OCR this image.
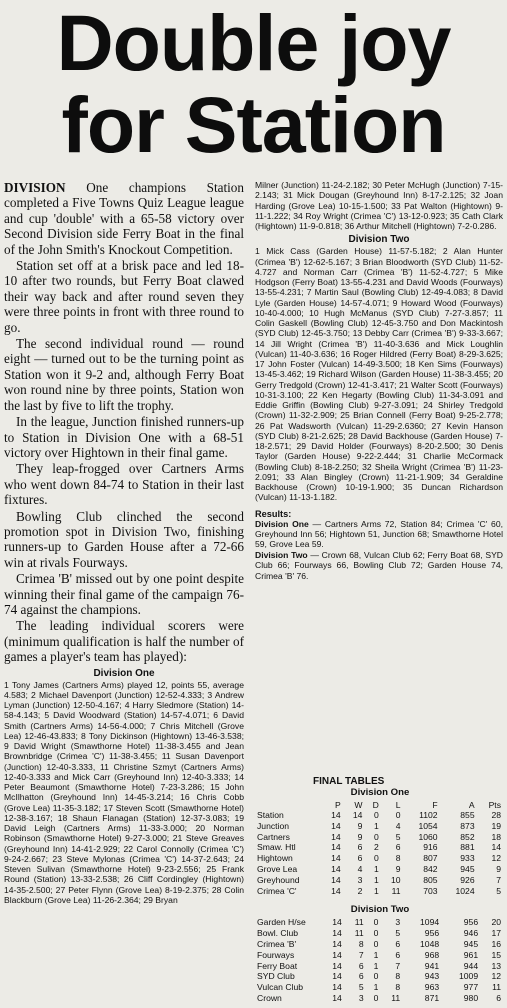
Double joy
for Station

DIVISION One champions Station completed a Five Towns Quiz League league and cup 'double' with a 65-58 victory over Second Division side Ferry Boat in the final of the John Smith's Knockout Competition.

Station set off at a brisk pace and led 18-10 after two rounds, but Ferry Boat clawed their way back and after round seven they were three points in front with three round to go.

The second individual round — round eight — turned out to be the turning point as Station won it 9-2 and, although Ferry Boat won round nine by three points, Station won the last by five to lift the trophy.

In the league, Junction finished runners-up to Station in Division One with a 68-51 victory over Hightown in their final game.

They leap-frogged over Cartners Arms who went down 84-74 to Station in their last fixtures.

Bowling Club clinched the second promotion spot in Division Two, finishing runners-up to Garden House after a 72-66 win at rivals Fourways.

Crimea 'B' missed out by one point despite winning their final game of the campaign 76-74 against the champions.

The leading individual scorers were (minimum qualification is half the number of games a player's team has played):

Division One

1 Tony James (Cartners Arms) played 12, points 55, average 4.583; 2 Michael Davenport (Junction) 12-52-4.333; 3 Andrew Lyman (Junction) 12-50-4.167; 4 Harry Sledmore (Station) 14-58-4.143; 5 David Woodward (Station) 14-57-4.071; 6 David Smith (Cartners Arms) 14-56-4.000; 7 Chris Mitchell (Grove Lea) 12-46-43.833; 8 Tony Dickinson (Hightown) 13-46-3.538; 9 David Wright (Smawthorne Hotel) 11-38-3.455 and Jean Brownbridge (Crimea 'C') 11-38-3.455; 11 Susan Davenport (Junction) 12-40-3.333, 11 Christine Szmyt (Cartners Arms) 12-40-3.333 and Mick Carr (Greyhound Inn) 12-40-3.333; 14 Peter Beaumont (Smawthorne Hotel) 7-23-3.286; 15 John McIlhatton (Greyhound Inn) 14-45-3.214; 16 Chris Cobb (Grove Lea) 11-35-3.182; 17 Steven Scott (Smawthorne Hotel) 12-38-3.167; 18 Shaun Flanagan (Station) 12-37-3.083; 19 David Leigh (Cartners Arms) 11-33-3.000; 20 Norman Robinson (Smawthorne Hotel) 9-27-3.000; 21 Steve Greaves (Greyhound Inn) 14-41-2.929; 22 Carol Connolly (Crimea 'C') 9-24-2.667; 23 Steve Mylonas (Crimea 'C') 14-37-2.643; 24 Steven Sulivan (Smawthorne Hotel) 9-23-2.556; 25 Frank Round (Station) 13-33-2.538; 26 Cliff Cordingley (Hightown) 14-35-2.500; 27 Peter Flynn (Grove Lea) 8-19-2.375; 28 Colin Blackburn (Grove Lea) 11-26-2.364; 29 Bryan

Milner (Junction) 11-24-2.182; 30 Peter McHugh (Junction) 7-15-2.143; 31 Mick Dougan (Greyhound Inn) 8-17-2.125; 32 Joan Harding (Grove Lea) 10-15-1.500; 33 Pat Walton (Hightown) 9-11-1.222; 34 Roy Wright (Crimea 'C') 13-12-0.923; 35 Cath Clark (Hightown) 11-9-0.818; 36 Arthur Mitchell (Hightown) 7-2-0.286.

Division Two

1 Mick Cass (Garden House) 11-57-5.182; 2 Alan Hunter (Crimea 'B') 12-62-5.167; 3 Brian Bloodworth (SYD Club) 11-52-4.727 and Norman Carr (Crimea 'B') 11-52-4.727; 5 Mike Hodgson (Ferry Boat) 13-55-4.231 and David Woods (Fourways) 13-55-4.231; 7 Martin Saul (Bowling Club) 12-49-4.083; 8 David Lyle (Garden House) 14-57-4.071; 9 Howard Wood (Fourways) 10-40-4.000; 10 Hugh McManus (SYD Club) 7-27-3.857; 11 Colin Gaskell (Bowling Club) 12-45-3.750 and Don Mackintosh (SYD Club) 12-45-3.750; 13 Debby Carr (Crimea 'B') 9-33-3.667; 14 Jill Wright (Crimea 'B') 11-40-3.636 and Mick Loughlin (Vulcan) 11-40-3.636; 16 Roger Hildred (Ferry Boat) 8-29-3.625; 17 John Foster (Vulcan) 14-49-3.500; 18 Ken Sims (Fourways) 13-45-3.462; 19 Richard Wilson (Garden House) 11-38-3.455; 20 Gerry Tredgold (Crown) 12-41-3.417; 21 Walter Scott (Fourways) 10-31-3.100; 22 Ken Hegarty (Bowling Club) 11-34-3.091 and Eddie Griffin (Bowling Club) 9-27-3.091; 24 Shirley Tredgold (Crown) 11-32-2.909; 25 Brian Connell (Ferry Boat) 9-25-2.778; 26 Pat Wadsworth (Vulcan) 11-29-2.6360; 27 Kevin Hanson (SYD Club) 8-21-2.625; 28 David Backhouse (Garden House) 7-18-2.571; 29 David Holder (Fourways) 8-20-2.500; 30 Denis Taylor (Garden House) 9-22-2.444; 31 Charlie McCormack (Bowling Club) 8-18-2.250; 32 Sheila Wright (Crimea 'B') 11-23-2.091; 33 Alan Bingley (Crown) 11-21-1.909; 34 Geraldine Backhouse (Crown) 10-19-1.900; 35 Duncan Richardson (Vulcan) 11-13-1.182.

Results:

Division One — Cartners Arms 72, Station 84; Crimea 'C' 60, Greyhound Inn 56; Hightown 51, Junction 68; Smawthorne Hotel 59, Grove Lea 59.

Division Two — Crown 68, Vulcan Club 62; Ferry Boat 68, SYD Club 66; Fourways 66, Bowling Club 72; Garden House 74, Crimea 'B' 76.

FINAL TABLES
Division One
	P	W	D	L	F	A	Pts
Station	14	14	0	0	1102	855	28
Junction	14	9	1	4	1054	873	19
Cartners	14	9	0	5	1060	852	18
Smaw. Htl	14	6	2	6	916	881	14
Hightown	14	6	0	8	807	933	12
Grove Lea	14	4	1	9	842	945	9
Greyhound	14	3	1	10	805	926	7
Crimea 'C'	14	2	1	11	703	1024	5
Division Two
Garden H/se	14	11	0	3	1094	956	20
Bowl. Club	14	11	0	5	956	946	17
Crimea 'B'	14	8	0	6	1048	945	16
Fourways	14	7	1	6	968	961	15
Ferry Boat	14	6	1	7	941	944	13
SYD Club	14	6	0	8	943	1009	12
Vulcan Club	14	5	1	8	963	977	11
Crown	14	3	0	11	871	980	6
